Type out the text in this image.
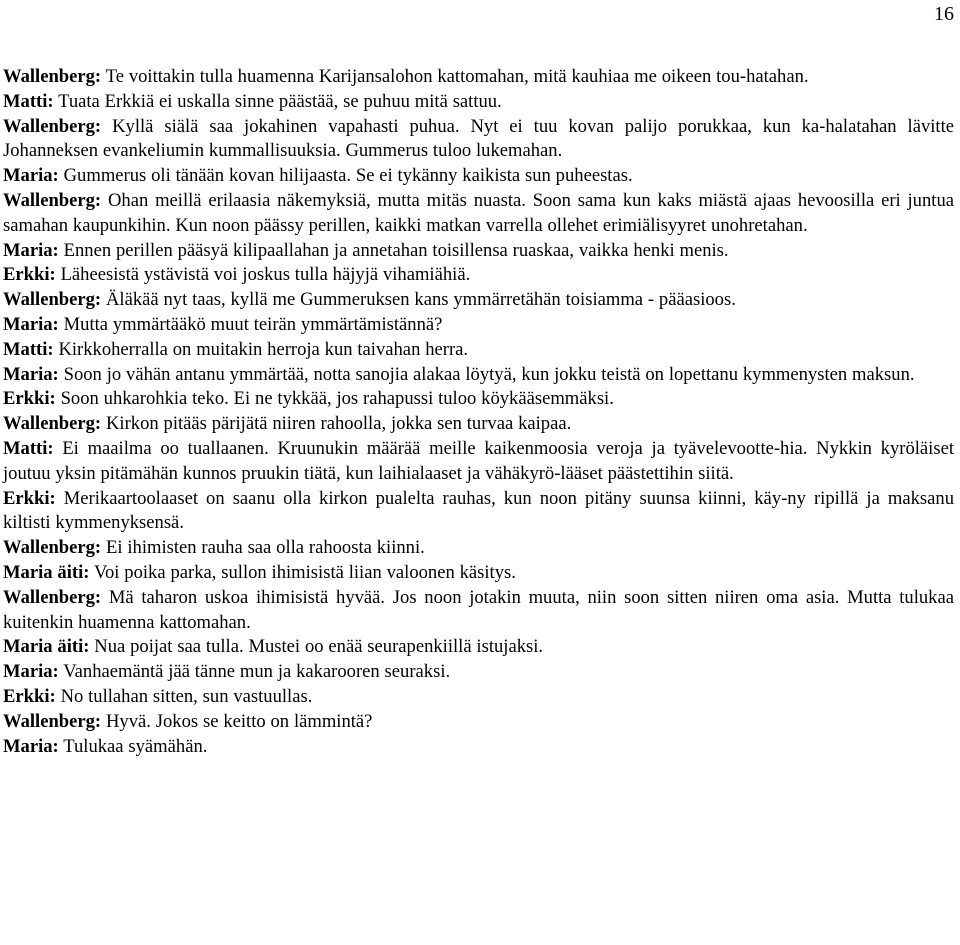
16
Wallenberg: Te voittakin tulla huamenna Karijansalohon kattomahan, mitä kauhiaa me oikeen tou-hatahan.
Matti: Tuata Erkkiä ei uskalla sinne päästää, se puhuu mitä sattuu.
Wallenberg: Kyllä siälä saa jokahinen vapahasti puhua. Nyt ei tuu kovan palijo porukkaa, kun ka-halatahan lävitte Johanneksen evankeliumin kummallisuuksia. Gummerus tuloo lukemahan.
Maria: Gummerus oli tänään kovan hilijaasta. Se ei tykänny kaikista sun puheestas.
Wallenberg: Ohan meillä erilaasia näkemyksiä, mutta mitäs nuasta. Soon sama kun kaks miästä ajaas hevoosilla eri juntua samahan kaupunkihin. Kun noon päässy perillen, kaikki matkan varrella ollehet erimiälisyyret unohretahan.
Maria: Ennen perillen pääsyä kilipaallahan ja annetahan toisillensa ruaskaa, vaikka henki menis.
Erkki: Läheesistä ystävistä voi joskus tulla häjyjä vihamiähiä.
Wallenberg: Äläkää nyt taas, kyllä me Gummeruksen kans ymmärretähän toisiamma - pääasioos.
Maria: Mutta ymmärtääkö muut teirän ymmärtämistännä?
Matti: Kirkkoherralla on muitakin herroja kun taivahan herra.
Maria: Soon jo vähän antanu ymmärtää, notta sanojia alakaa löytyä, kun jokku teistä on lopettanu kymmenysten maksun.
Erkki: Soon uhkarohkia teko. Ei ne tykkää, jos rahapussi tuloo köykääsemmäksi.
Wallenberg: Kirkon pitääs pärijätä niiren rahoolla, jokka sen turvaa kaipaa.
Matti: Ei maailma oo tuallaanen. Kruunukin määrää meille kaikenmoosia veroja ja tyävelevootte-hia. Nykkin kyröläiset joutuu yksin pitämähän kunnos pruukin tiätä, kun laihialaaset ja vähäkyrö-lääset päästettihin siitä.
Erkki: Merikaartoolaaset on saanu olla kirkon pualelta rauhas, kun noon pitäny suunsa kiinni, käy-ny ripillä ja maksanu kiltisti kymmenyksensä.
Wallenberg: Ei ihimisten rauha saa olla rahoosta kiinni.
Maria äiti: Voi poika parka, sullon ihimisistä liian valoonen käsitys.
Wallenberg: Mä taharon uskoa ihimisistä hyvää. Jos noon jotakin muuta, niin soon sitten niiren oma asia. Mutta tulukaa kuitenkin huamenna kattomahan.
Maria äiti: Nua poijat saa tulla. Mustei oo enää seurapenkiillä istujaksi.
Maria: Vanhaemäntä jää tänne mun ja kakarooren seuraksi.
Erkki: No tullahan sitten, sun vastuullas.
Wallenberg: Hyvä. Jokos se keitto on lämmintä?
Maria: Tulukaa syämähän.
